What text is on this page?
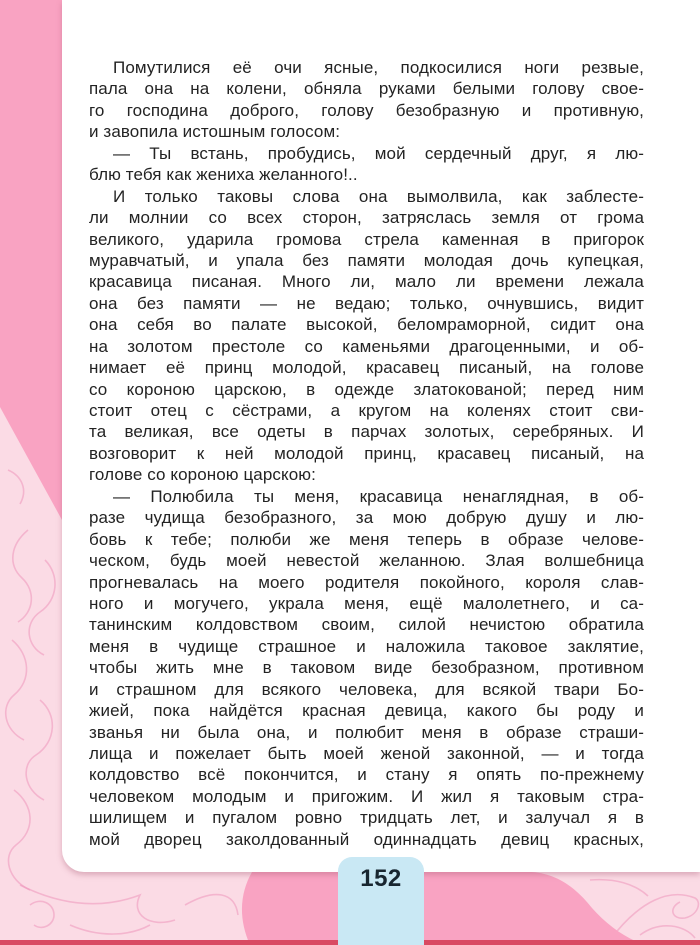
Помутилися её очи ясные, подкосилися ноги резвые,
пала она на колени, обняла руками белыми голову свое-
го господина доброго, голову безобразную и противную,
и завопила истошным голосом:
— Ты встань, пробудись, мой сердечный друг, я лю-
блю тебя как жениха желанного!..
И только таковы слова она вымолвила, как заблесте-
ли молнии со всех сторон, затряслась земля от грома
великого, ударила громова стрела каменная в пригорок
муравчатый, и упала без памяти молодая дочь купецкая,
красавица писаная. Много ли, мало ли времени лежала
она без памяти — не ведаю; только, очнувшись, видит
она себя во палате высокой, беломраморной, сидит она
на золотом престоле со каменьями драгоценными, и об-
нимает её принц молодой, красавец писаный, на голове
со короною царскою, в одежде златокованой; перед ним
стоит отец с сёстрами, а кругом на коленях стоит сви-
та великая, все одеты в парчах золотых, серебряных. И
возговорит к ней молодой принц, красавец писаный, на
голове со короною царскою:
— Полюбила ты меня, красавица ненаглядная, в об-
разе чудища безобразного, за мою добрую душу и лю-
бовь к тебе; полюби же меня теперь в образе челове-
ческом, будь моей невестой желанною. Злая волшебница
прогневалась на моего родителя покойного, короля слав-
ного и могучего, украла меня, ещё малолетнего, и са-
танинским колдовством своим, силой нечистою обратила
меня в чудище страшное и наложила таковое заклятие,
чтобы жить мне в таковом виде безобразном, противном
и страшном для всякого человека, для всякой твари Бо-
жией, пока найдётся красная девица, какого бы роду и
званья ни была она, и полюбит меня в образе страши-
лища и пожелает быть моей женой законной, — и тогда
колдовство всё покончится, и стану я опять по-прежнему
человеком молодым и пригожим. И жил я таковым стра-
шилищем и пугалом ровно тридцать лет, и залучал я в
мой дворец заколдованный одиннадцать девиц красных,
152
